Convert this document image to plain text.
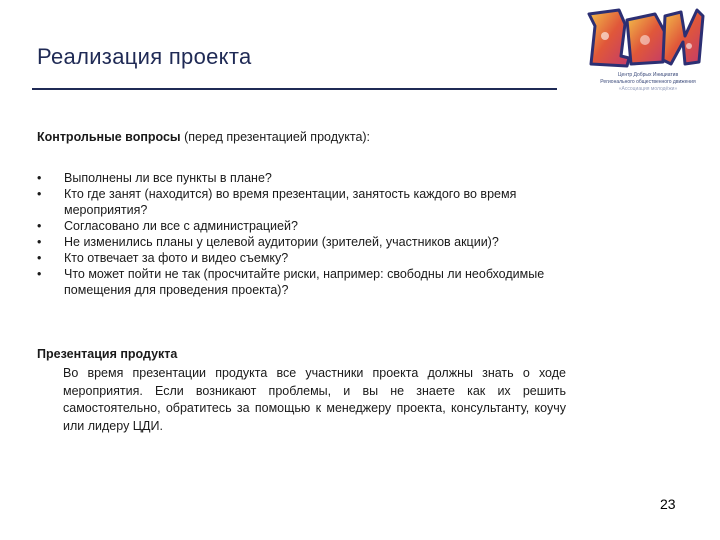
Реализация проекта
Центр Добрых Инициатив
Регионального общественного движения
«Ассоциация молодёжи»
Контрольные вопросы (перед презентацией продукта):
•	Выполнены ли все пункты в плане?
•	Кто где занят (находится) во время презентации, занятость каждого во время мероприятия?
•	Согласовано ли все с администрацией?
•	Не изменились планы у целевой аудитории (зрителей, участников акции)?
•	Кто отвечает за фото и видео съемку?
•	Что может пойти не так (просчитайте риски, например: свободны ли необходимые помещения для проведения проекта)?
Презентация продукта
Во время презентации продукта все участники проекта должны знать о ходе мероприятия. Если возникают проблемы, и вы не знаете как их решить самостоятельно, обратитесь за помощью к менеджеру проекта, консультанту, коучу или лидеру ЦДИ.
23
